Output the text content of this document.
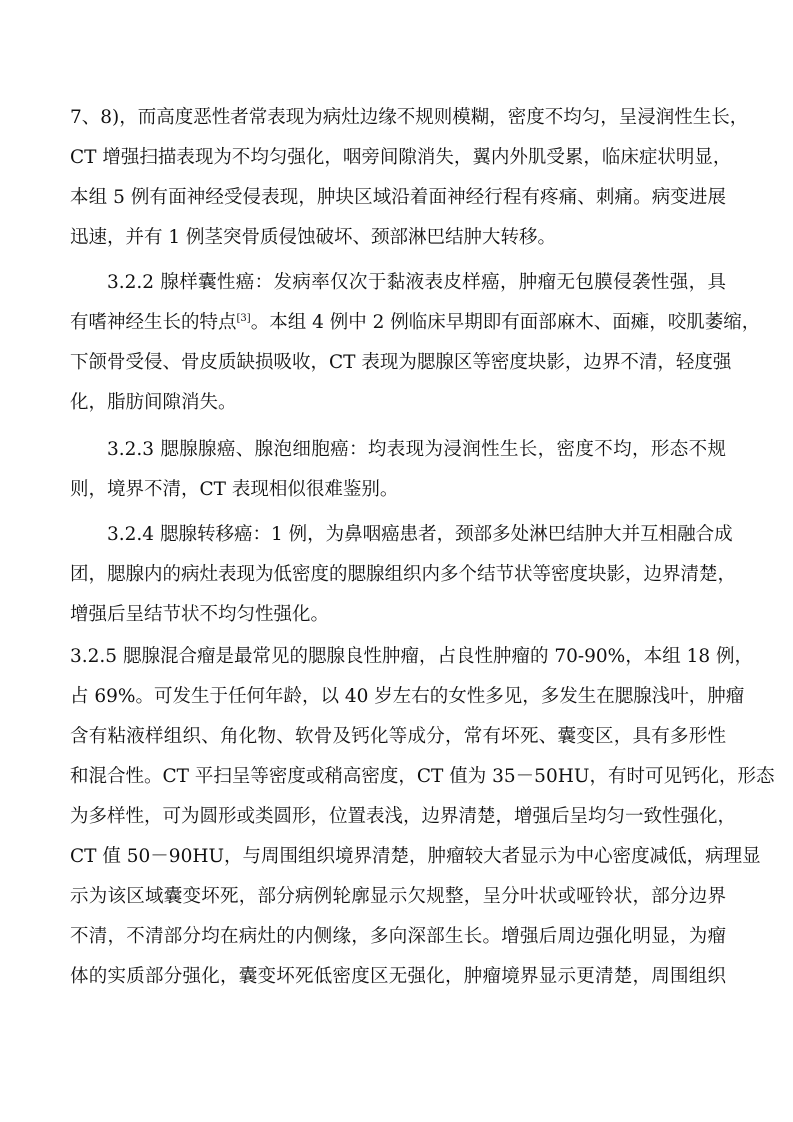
7、8)，而高度恶性者常表现为病灶边缘不规则模糊，密度不均匀，呈浸润性生长，
CT 增强扫描表现为不均匀强化，咽旁间隙消失，翼内外肌受累，临床症状明显，
本组 5 例有面神经受侵表现，肿块区域沿着面神经行程有疼痛、刺痛。病变进展
迅速，并有 1 例茎突骨质侵蚀破坏、颈部淋巴结肿大转移。
3.2.2 腺样囊性癌：发病率仅次于黏液表皮样癌，肿瘤无包膜侵袭性强，具
有嗜神经生长的特点[3]。本组 4 例中 2 例临床早期即有面部麻木、面瘫，咬肌萎缩，
下颌骨受侵、骨皮质缺损吸收，CT 表现为腮腺区等密度块影，边界不清，轻度强
化，脂肪间隙消失。
3.2.3 腮腺腺癌、腺泡细胞癌：均表现为浸润性生长，密度不均，形态不规
则，境界不清，CT 表现相似很难鉴别。
3.2.4 腮腺转移癌：1 例，为鼻咽癌患者，颈部多处淋巴结肿大并互相融合成
团，腮腺内的病灶表现为低密度的腮腺组织内多个结节状等密度块影，边界清楚，
增强后呈结节状不均匀性强化。
3.2.5 腮腺混合瘤是最常见的腮腺良性肿瘤，占良性肿瘤的 70-90%，本组 18 例，
占 69%。可发生于任何年龄，以 40 岁左右的女性多见，多发生在腮腺浅叶，肿瘤
含有粘液样组织、角化物、软骨及钙化等成分，常有坏死、囊变区，具有多形性
和混合性。CT 平扫呈等密度或稍高密度，CT 值为 35－50HU，有时可见钙化，形态
为多样性，可为圆形或类圆形，位置表浅，边界清楚，增强后呈均匀一致性强化，
CT 值 50－90HU，与周围组织境界清楚，肿瘤较大者显示为中心密度减低，病理显
示为该区域囊变坏死，部分病例轮廓显示欠规整，呈分叶状或哑铃状，部分边界
不清，不清部分均在病灶的内侧缘，多向深部生长。增强后周边强化明显，为瘤
体的实质部分强化，囊变坏死低密度区无强化，肿瘤境界显示更清楚，周围组织
